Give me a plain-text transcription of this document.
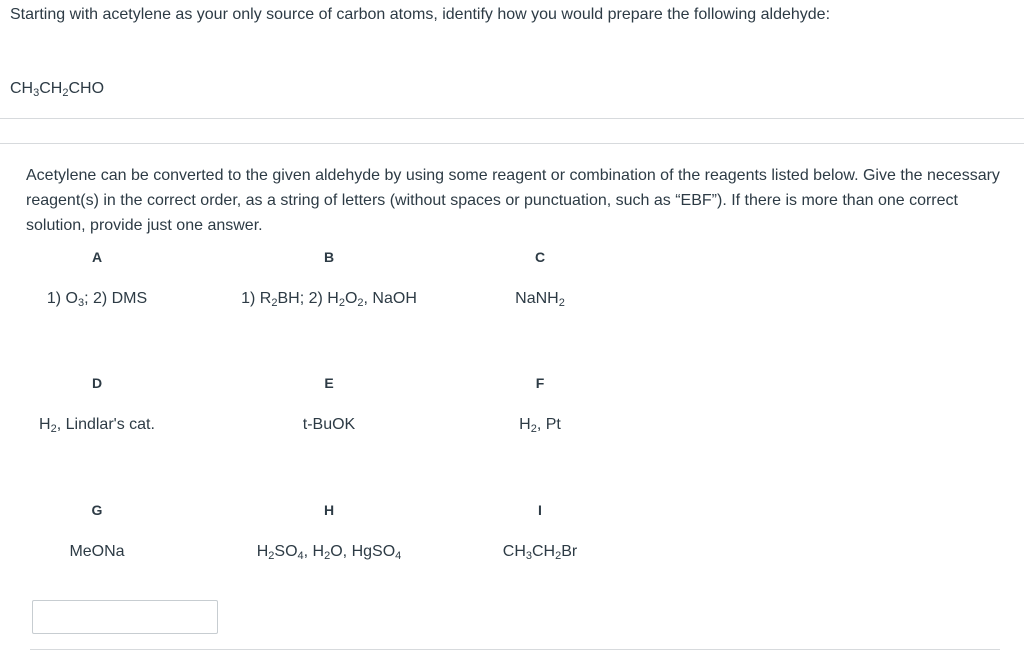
Starting with acetylene as your only source of carbon atoms, identify how you would prepare the following aldehyde:
$CH_3CH_2CHO$
Acetylene can be converted to the given aldehyde by using some reagent or combination of the reagents listed below. Give the necessary reagent(s) in the correct order, as a string of letters (without spaces or punctuation, such as “EBF”). If there is more than one correct solution, provide just one answer.
A
1) $O_3$; 2) DMS
B
1) $R_2BH$; 2) $H_2O_2$, NaOH
C
NaNH$_2$
D
$H_2$, Lindlar's cat.
E
t-BuOK
F
$H_2$, Pt
G
MeONa
H
$H_2SO_4$, $H_2O$, HgSO$_4$
I
$CH_3CH_2Br$
